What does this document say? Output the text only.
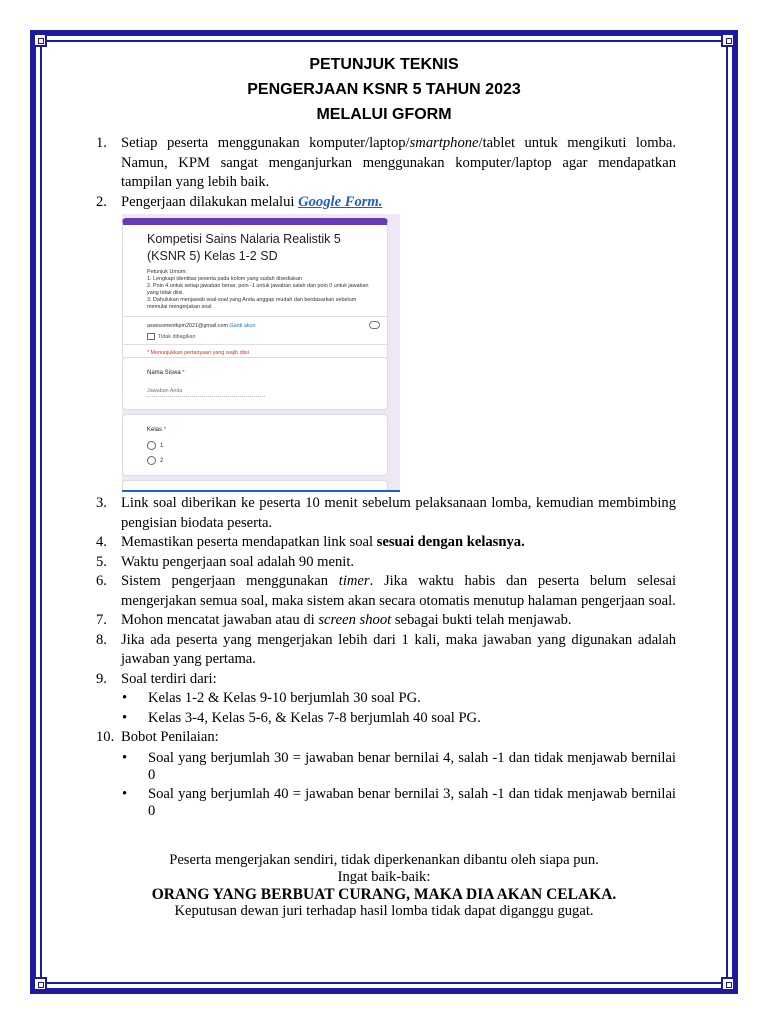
PETUNJUK TEKNIS
PENGERJAAN KSNR 5 TAHUN 2023
MELALUI GFORM
1. Setiap peserta menggunakan komputer/laptop/smartphone/tablet untuk mengikuti lomba. Namun, KPM sangat menganjurkan menggunakan komputer/laptop agar mendapatkan tampilan yang lebih baik.
2. Pengerjaan dilakukan melalui Google Form.
Kompetisi Sains Nalaria Realistik 5 (KSNR 5) Kelas 1-2 SD
Petunjuk Umum:
1. Lengkapi identitas peserta pada kolom yang sudah disediakan
2. Poin 4 untuk setiap jawaban benar, poin -1 untuk jawaban salah dan poin 0 untuk jawaban yang tidak diisi.
3. Dahulukan menjawab soal-soal yang Anda anggap mudah dan berdasarkan sebelum memulai mengerjakan soal
assessmentkpm2021@gmail.com Ganti akun
Tidak dibagikan
* Menunjukkan pertanyaan yang wajib diisi
Nama Siswa *
Jawaban Anda
Kelas *
1
2
3. Link soal diberikan ke peserta 10 menit sebelum pelaksanaan lomba, kemudian membimbing pengisian biodata peserta.
4. Memastikan peserta mendapatkan link soal sesuai dengan kelasnya.
5. Waktu pengerjaan soal adalah 90 menit.
6. Sistem pengerjaan menggunakan timer. Jika waktu habis dan peserta belum selesai mengerjakan semua soal, maka sistem akan secara otomatis menutup halaman pengerjaan soal.
7. Mohon mencatat jawaban atau di screen shoot sebagai bukti telah menjawab.
8. Jika ada peserta yang mengerjakan lebih dari 1 kali, maka jawaban yang digunakan adalah jawaban yang pertama.
9. Soal terdiri dari:
• Kelas 1-2 & Kelas 9-10 berjumlah 30 soal PG.
• Kelas 3-4, Kelas 5-6, & Kelas 7-8 berjumlah 40 soal PG.
10. Bobot Penilaian:
• Soal yang berjumlah 30 = jawaban benar bernilai 4, salah -1 dan tidak menjawab bernilai 0
• Soal yang berjumlah 40 = jawaban benar bernilai 3, salah -1 dan tidak menjawab bernilai 0
Peserta mengerjakan sendiri, tidak diperkenankan dibantu oleh siapa pun.
Ingat baik-baik:
ORANG YANG BERBUAT CURANG, MAKA DIA AKAN CELAKA.
Keputusan dewan juri terhadap hasil lomba tidak dapat diganggu gugat.
